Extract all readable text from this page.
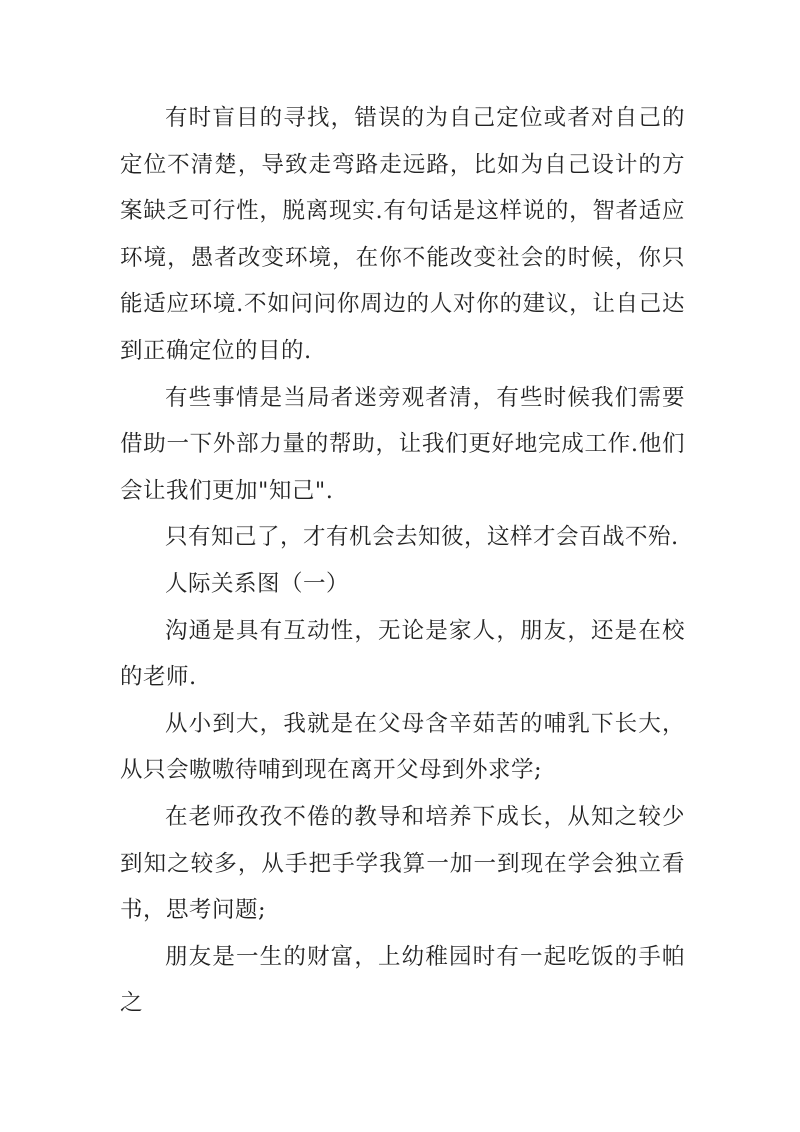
有时盲目的寻找，错误的为自己定位或者对自己的定位不清楚，导致走弯路走远路，比如为自己设计的方案缺乏可行性，脱离现实.有句话是这样说的，智者适应环境，愚者改变环境，在你不能改变社会的时候，你只能适应环境.不如问问你周边的人对你的建议，让自己达到正确定位的目的.

有些事情是当局者迷旁观者清，有些时候我们需要借助一下外部力量的帮助，让我们更好地完成工作.他们会让我们更加"知己".

只有知己了，才有机会去知彼，这样才会百战不殆.

人际关系图（一）

沟通是具有互动性，无论是家人，朋友，还是在校的老师.

从小到大，我就是在父母含辛茹苦的哺乳下长大，从只会嗷嗷待哺到现在离开父母到外求学;

在老师孜孜不倦的教导和培养下成长，从知之较少到知之较多，从手把手学我算一加一到现在学会独立看书，思考问题;

朋友是一生的财富，上幼稚园时有一起吃饭的手帕之
